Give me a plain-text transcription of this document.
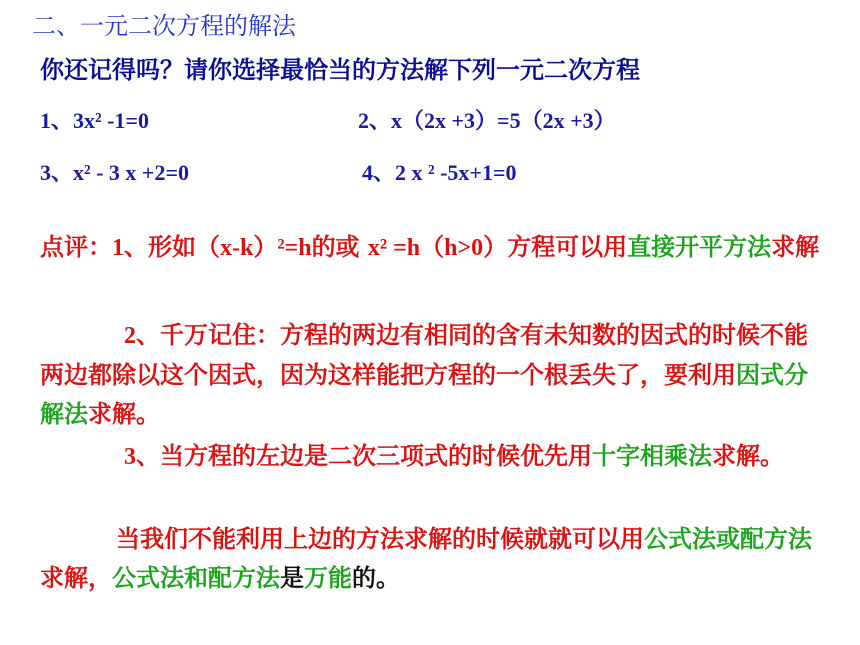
二、一元二次方程的解法
你还记得吗？请你选择最恰当的方法解下列一元二次方程
1、3x² -1=0	2、x（2x +3）=5（2x +3）
3、x² - 3 x +2=0	4、2 x ² -5x+1=0
点评：1、形如（x-k）²=h的或 x² =h（h>0）方程可以用直接开平方法求解
2、千万记住：方程的两边有相同的含有未知数的因式的时候不能两边都除以这个因式，因为这样能把方程的一个根丢失了，要利用因式分解法求解。
3、当方程的左边是二次三项式的时候优先用十字相乘法求解。
当我们不能利用上边的方法求解的时候就就可以用公式法或配方法求解，公式法和配方法是万能的。
